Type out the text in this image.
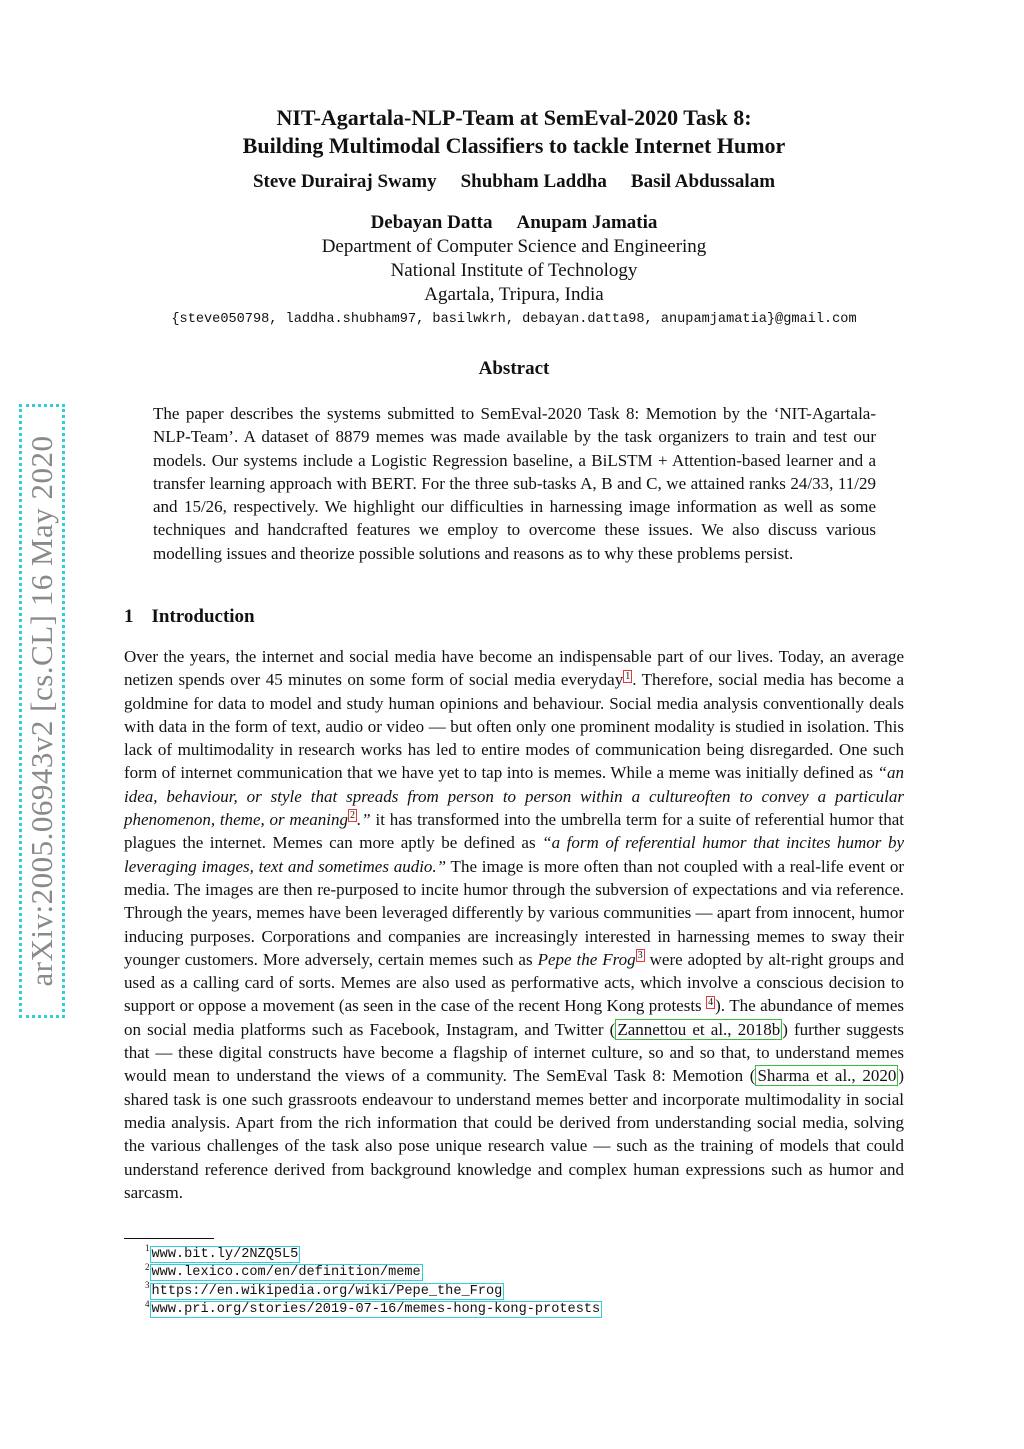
arXiv:2005.06943v2 [cs.CL] 16 May 2020
NIT-Agartala-NLP-Team at SemEval-2020 Task 8:
Building Multimodal Classifiers to tackle Internet Humor
Steve Durairaj Swamy Shubham Laddha Basil Abdussalam
Debayan Datta Anupam Jamatia
Department of Computer Science and Engineering
National Institute of Technology
Agartala, Tripura, India
{steve050798, laddha.shubham97, basilwkrh, debayan.datta98, anupamjamatia}@gmail.com
Abstract

The paper describes the systems submitted to SemEval-2020 Task 8: Memotion by the ‘NIT-Agartala-NLP-Team’. A dataset of 8879 memes was made available by the task organizers to train and test our models. Our systems include a Logistic Regression baseline, a BiLSTM + Attention-based learner and a transfer learning approach with BERT. For the three sub-tasks A, B and C, we attained ranks 24/33, 11/29 and 15/26, respectively. We highlight our difficulties in harnessing image information as well as some techniques and handcrafted features we employ to overcome these issues. We also discuss various modelling issues and theorize possible solutions and reasons as to why these problems persist.

1 Introduction

Over the years, the internet and social media have become an indispensable part of our lives. Today, an average netizen spends over 45 minutes on some form of social media everyday $^1$ . Therefore, social media has become a goldmine for data to model and study human opinions and behaviour. Social media analysis conventionally deals with data in the form of text, audio or video — but often only one prominent modality is studied in isolation. This lack of multimodality in research works has led to entire modes of communication being disregarded. One such form of internet communication that we have yet to tap into is memes. While a meme was initially defined as “an idea, behaviour, or style that spreads from person to person within a cultureoften to convey a particular phenomenon, theme, or meaning $^2$ .” it has transformed into the umbrella term for a suite of referential humor that plagues the internet. Memes can more aptly be defined as “a form of referential humor that incites humor by leveraging images, text and sometimes audio.” The image is more often than not coupled with a real-life event or media. The images are then re-purposed to incite humor through the subversion of expectations and via reference. Through the years, memes have been leveraged differently by various communities — apart from innocent, humor inducing purposes. Corporations and companies are increasingly interested in harnessing memes to sway their younger customers. More adversely, certain memes such as Pepe the Frog $^3$ were adopted by alt-right groups and used as a calling card of sorts. Memes are also used as performative acts, which involve a conscious decision to support or oppose a movement (as seen in the case of the recent Hong Kong protests $^4$ ). The abundance of memes on social media platforms such as Facebook, Instagram, and Twitter ( Zannettou et al., 2018b ) further suggests that — these digital constructs have become a flagship of internet culture, so and so that, to understand memes would mean to understand the views of a community. The SemEval Task 8: Memotion ( Sharma et al., 2020 ) shared task is one such grassroots endeavour to understand memes better and incorporate multimodality in social media analysis. Apart from the rich information that could be derived from understanding social media, solving the various challenges of the task also pose unique research value — such as the training of models that could understand reference derived from background knowledge and complex human expressions such as humor and sarcasm.

$^1$ www.bit.ly/2NZQ5L5
$^2$ www.lexico.com/en/definition/meme
$^3$ https://en.wikipedia.org/wiki/Pepe_the_Frog
$^4$ www.pri.org/stories/2019-07-16/memes-hong-kong-protests
